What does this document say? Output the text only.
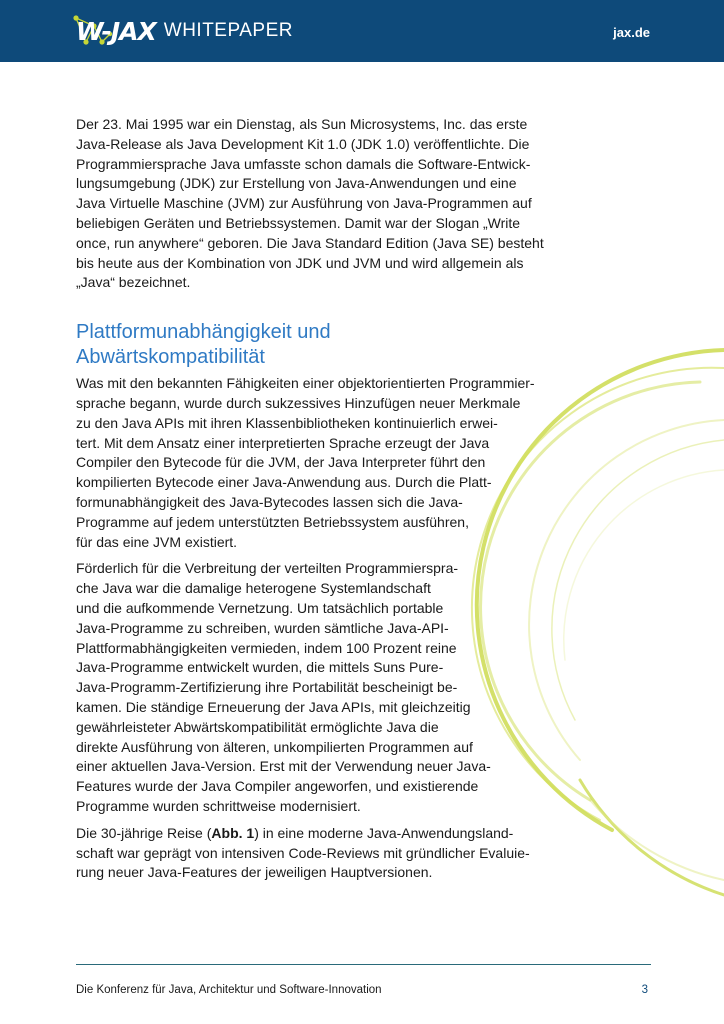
W-JAX WHITEPAPER	jax.de

Der 23. Mai 1995 war ein Dienstag, als Sun Microsystems, Inc. das erste
Java-Release als Java Development Kit 1.0 (JDK 1.0) veröffentlichte. Die
Programmiersprache Java umfasste schon damals die Software-Entwick-
lungsumgebung (JDK) zur Erstellung von Java-Anwendungen und eine
Java Virtuelle Maschine (JVM) zur Ausführung von Java-Programmen auf
beliebigen Geräten und Betriebssystemen. Damit war der Slogan „Write
once, run anywhere“ geboren. Die Java Standard Edition (Java SE) besteht
bis heute aus der Kombination von JDK und JVM und wird allgemein als
„Java“ bezeichnet.

Plattformunabhängigkeit und
Abwärtskompatibilität

Was mit den bekannten Fähigkeiten einer objektorientierten Programmier-
sprache begann, wurde durch sukzessives Hinzufügen neuer Merkmale
zu den Java APIs mit ihren Klassenbibliotheken kontinuierlich erwei-
tert. Mit dem Ansatz einer interpretierten Sprache erzeugt der Java
Compiler den Bytecode für die JVM, der Java Interpreter führt den
kompilierten Bytecode einer Java-Anwendung aus. Durch die Platt-
formunabhängigkeit des Java-Bytecodes lassen sich die Java-
Programme auf jedem unterstützten Betriebssystem ausführen,
für das eine JVM existiert.

Förderlich für die Verbreitung der verteilten Programmierspra-
che Java war die damalige heterogene Systemlandschaft
und die aufkommende Vernetzung. Um tatsächlich portable
Java-Programme zu schreiben, wurden sämtliche Java-API-
Plattformabhängigkeiten vermieden, indem 100 Prozent reine
Java-Programme entwickelt wurden, die mittels Suns Pure-
Java-Programm-Zertifizierung ihre Portabilität bescheinigt be-
kamen. Die ständige Erneuerung der Java APIs, mit gleichzeitig
gewährleisteter Abwärtskompatibilität ermöglichte Java die
direkte Ausführung von älteren, unkompilierten Programmen auf
einer aktuellen Java-Version. Erst mit der Verwendung neuer Java-
Features wurde der Java Compiler angeworfen, und existierende
Programme wurden schrittweise modernisiert.

Die 30-jährige Reise (Abb. 1) in eine moderne Java-Anwendungsland-
schaft war geprägt von intensiven Code-Reviews mit gründlicher Evaluie-
rung neuer Java-Features der jeweiligen Hauptversionen.

Die Konferenz für Java, Architektur und Software-Innovation	3
